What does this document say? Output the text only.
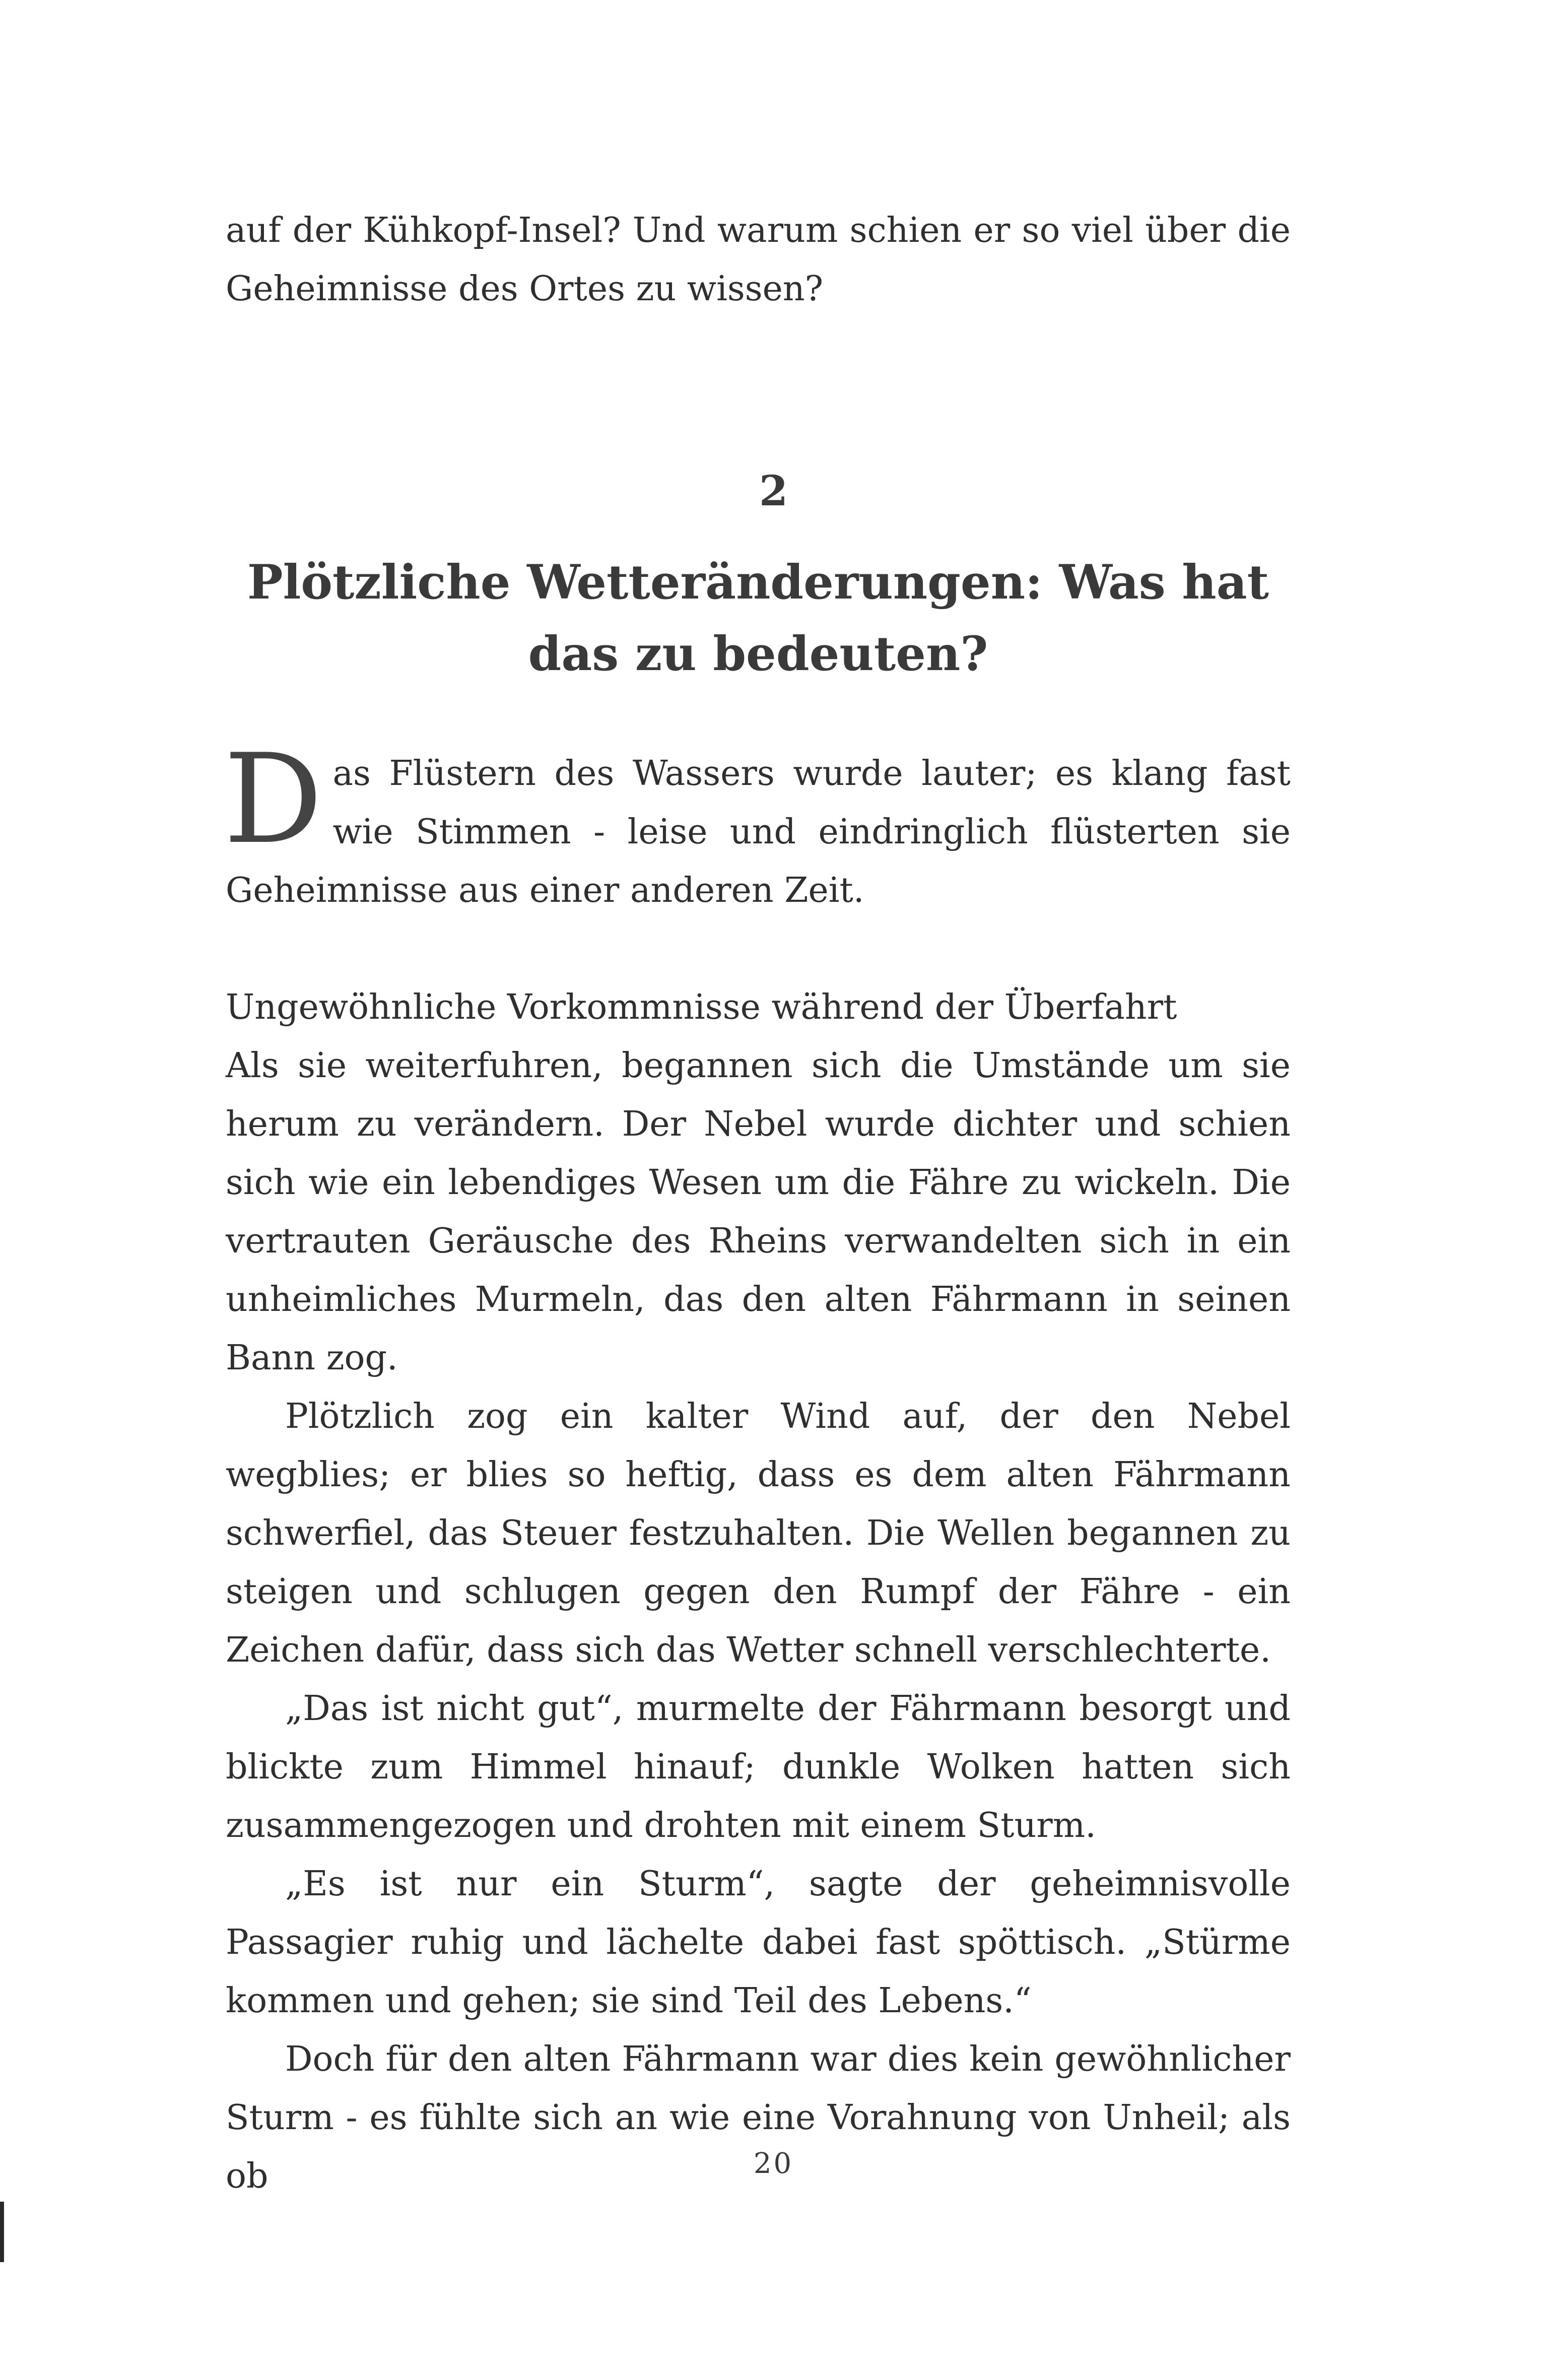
auf der Kühkopf-Insel? Und warum schien er so viel über die Geheimnisse des Ortes zu wissen?

2
Plötzliche Wetteränderungen: Was hat das zu bedeuten?
D as Flüstern des Wassers wurde lauter; es klang fast wie Stimmen - leise und eindringlich flüsterten sie Geheimnisse aus einer anderen Zeit.

Ungewöhnliche Vorkommnisse während der Überfahrt

Als sie weiterfuhren, begannen sich die Umstände um sie herum zu verändern. Der Nebel wurde dichter und schien sich wie ein lebendiges Wesen um die Fähre zu wickeln. Die vertrauten Geräusche des Rheins verwandelten sich in ein unheimliches Murmeln, das den alten Fährmann in seinen Bann zog.

Plötzlich zog ein kalter Wind auf, der den Nebel wegblies; er blies so heftig, dass es dem alten Fährmann schwerfiel, das Steuer festzuhalten. Die Wellen begannen zu steigen und schlugen gegen den Rumpf der Fähre - ein Zeichen dafür, dass sich das Wetter schnell verschlechterte.

„Das ist nicht gut“, murmelte der Fährmann besorgt und blickte zum Himmel hinauf; dunkle Wolken hatten sich zusammengezogen und drohten mit einem Sturm.

„Es ist nur ein Sturm“, sagte der geheimnisvolle Passagier ruhig und lächelte dabei fast spöttisch. „Stürme kommen und gehen; sie sind Teil des Lebens.“

Doch für den alten Fährmann war dies kein gewöhnlicher Sturm - es fühlte sich an wie eine Vorahnung von Unheil; als ob	20
